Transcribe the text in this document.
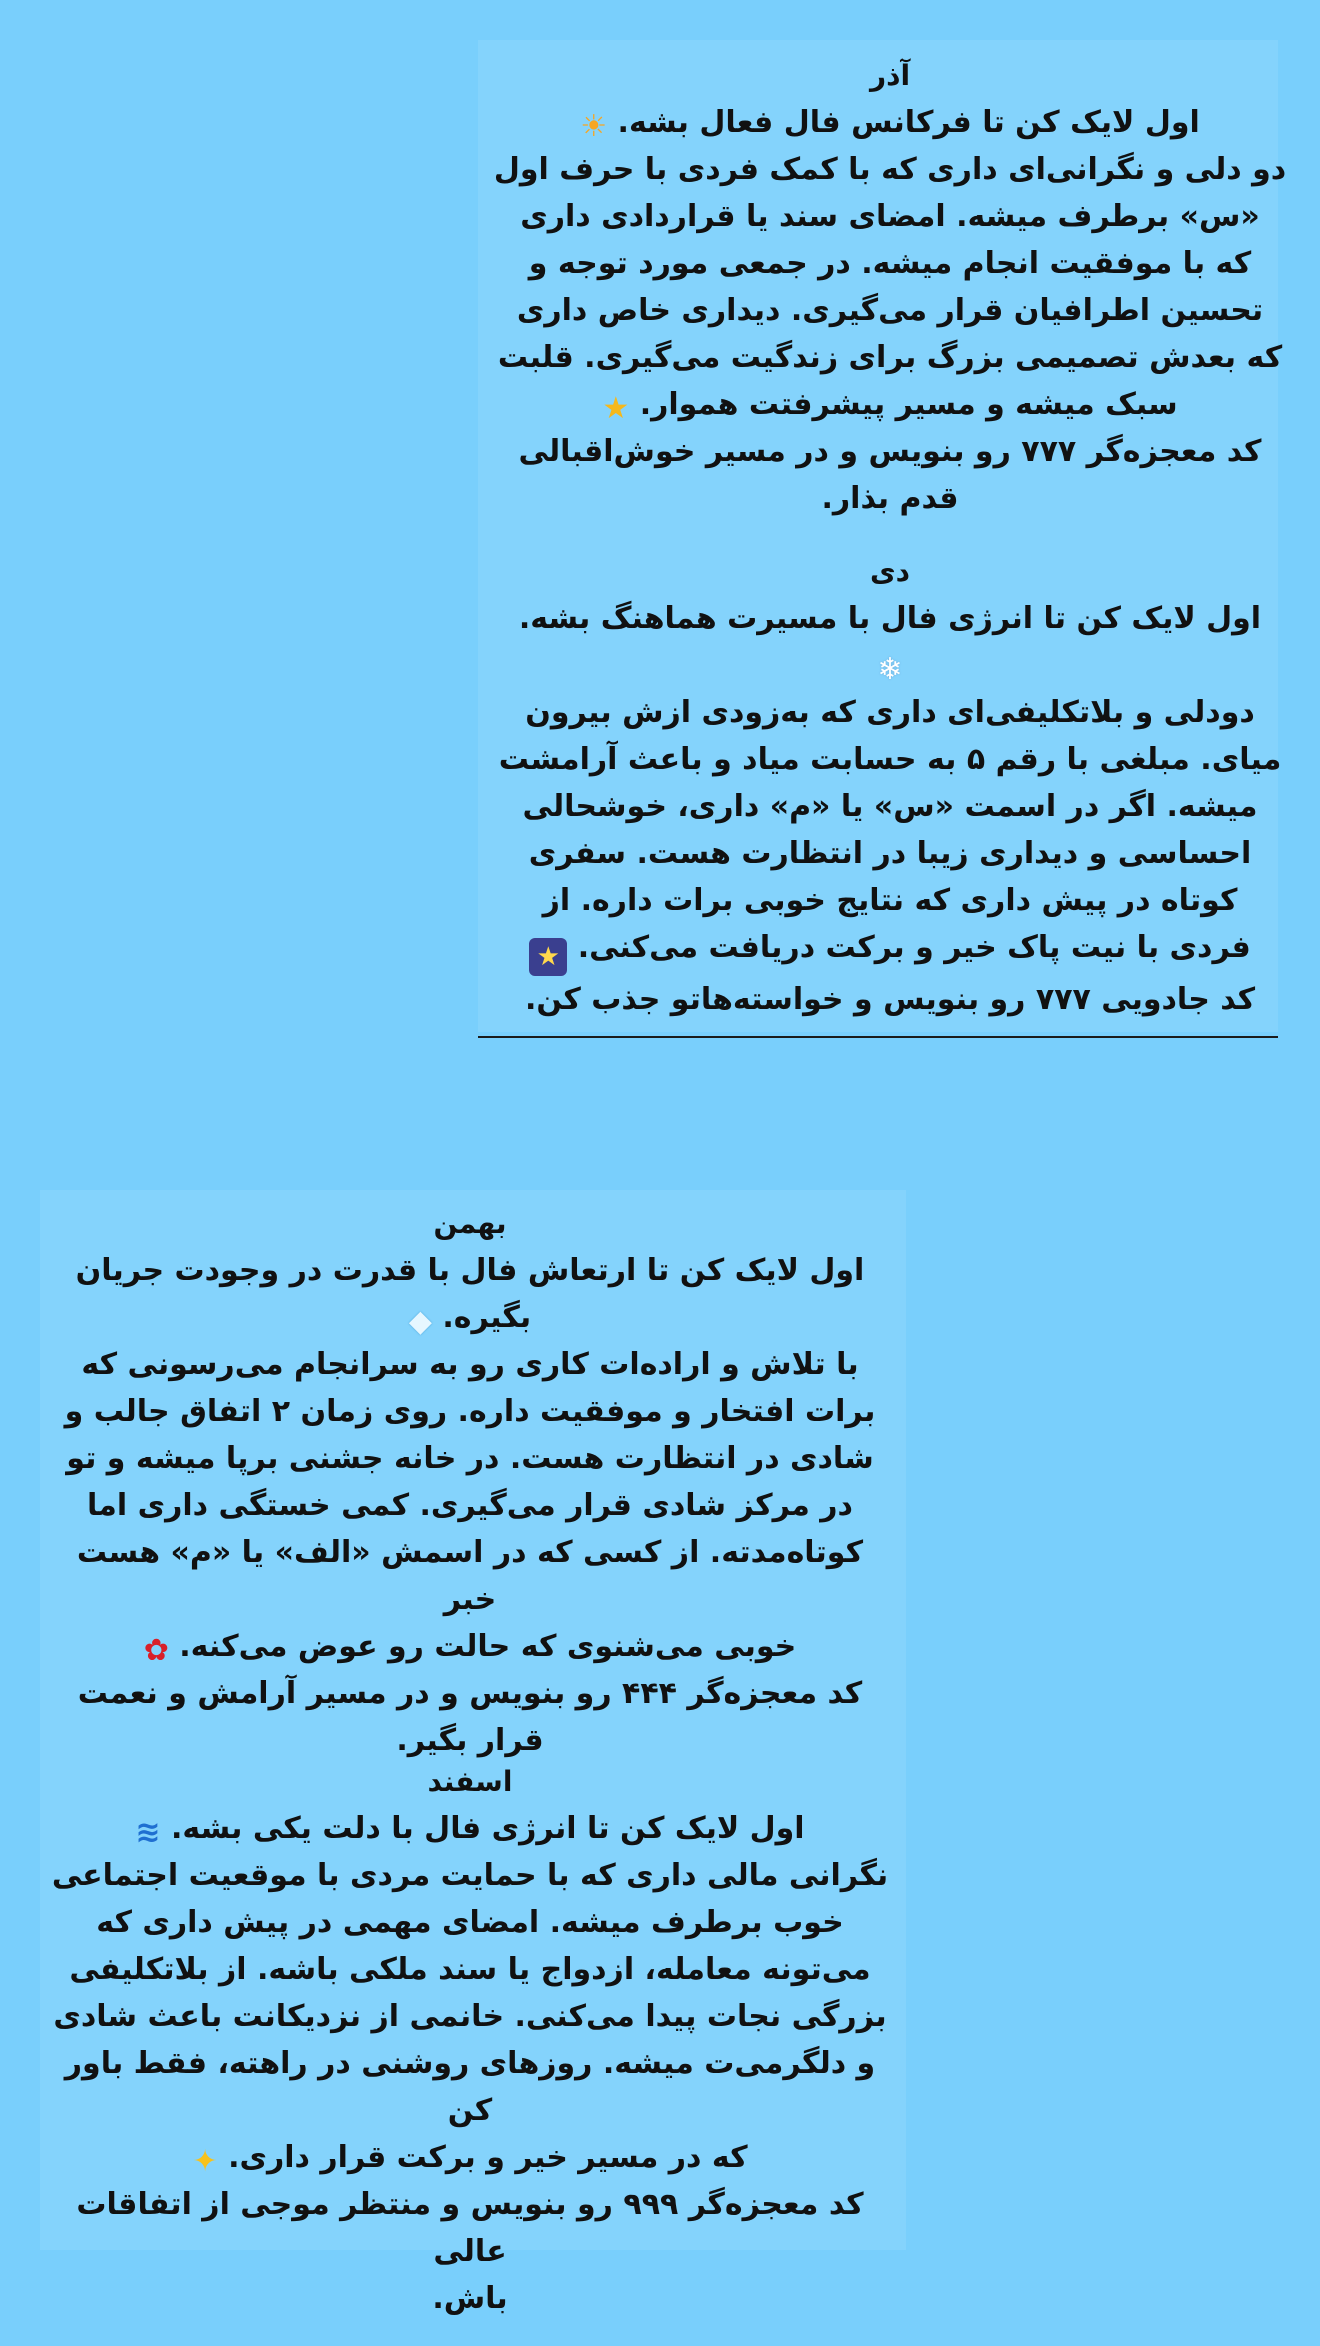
آذر

اول لایک کن تا فرکانس فال فعال بشه. ☀

دو دلی و نگرانی‌ای داری که با کمک فردی با حرف اول

«س» برطرف میشه. امضای سند یا قراردادی داری

که با موفقیت انجام میشه. در جمعی مورد توجه و

تحسین اطرافیان قرار می‌گیری. دیداری خاص داری

که بعدش تصمیمی بزرگ برای زندگیت می‌گیری. قلبت

سبک میشه و مسیر پیشرفتت هموار. ★

کد معجزه‌گر ۷۷۷ رو بنویس و در مسیر خوش‌اقبالی

قدم بذار.

دی

اول لایک کن تا انرژی فال با مسیرت هماهنگ بشه.

❄

دودلی و بلاتکلیفی‌ای داری که به‌زودی ازش بیرون

میای. مبلغی با رقم ۵ به حسابت میاد و باعث آرامشت

میشه. اگر در اسمت «س» یا «م» داری، خوشحالی

احساسی و دیداری زیبا در انتظارت هست. سفری

کوتاه در پیش داری که نتایج خوبی برات داره. از

فردی با نیت پاک خیر و برکت دریافت می‌کنی. ★

کد جادویی ۷۷۷ رو بنویس و خواسته‌هاتو جذب کن.

بهمن

اول لایک کن تا ارتعاش فال با قدرت در وجودت جریان

بگیره. ◆

با تلاش و اراده‌ات کاری رو به سرانجام می‌رسونی که

برات افتخار و موفقیت داره. روی زمان ۲ اتفاق جالب و

شادی در انتظارت هست. در خانه جشنی برپا میشه و تو

در مرکز شادی قرار می‌گیری. کمی خستگی داری اما

کوتاه‌مدته. از کسی که در اسمش «الف» یا «م» هست خبر

خوبی می‌شنوی که حالت رو عوض می‌کنه. ✿

کد معجزه‌گر ۴۴۴ رو بنویس و در مسیر آرامش و نعمت

قرار بگیر.

اسفند

اول لایک کن تا انرژی فال با دلت یکی بشه. ≋

نگرانی مالی داری که با حمایت مردی با موقعیت اجتماعی

خوب برطرف میشه. امضای مهمی در پیش داری که

می‌تونه معامله، ازدواج یا سند ملکی باشه. از بلاتکلیفی

بزرگی نجات پیدا می‌کنی. خانمی از نزدیکانت باعث شادی

و دلگرمی‌ت میشه. روزهای روشنی در راهته، فقط باور کن

که در مسیر خیر و برکت قرار داری. ✦

کد معجزه‌گر ۹۹۹ رو بنویس و منتظر موجی از اتفاقات عالی

باش.
